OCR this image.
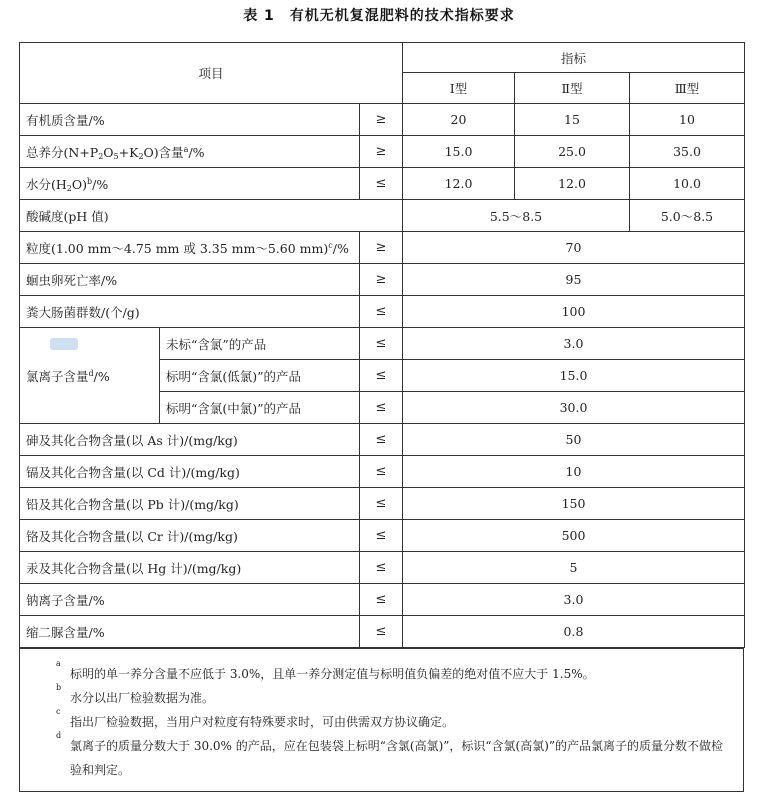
表 1　有机无机复混肥料的技术指标要求
项目			指标		
			Ⅰ型	Ⅱ型	Ⅲ型
有机质含量/%		≥	20	15	10
总养分$(N+P_2O_5+K_2O)$含量$^a$/%		≥	15.0	25.0	35.0
水分$(H_2O)^b/\%$		≤	12.0	12.0	10.0
酸碱度(pH 值)			5.5～8.5		5.0～8.5
粒度(1.00 mm～4.75 mm 或 3.35 mm～5.60 mm)$^c$/%		≥	70		
蛔虫卵死亡率/%		≥	95		
粪大肠菌群数/(个/g)		≤	100		
氯离子含量$^d$/%	未标“含氯”的产品	≤	3.0		
	标明“含氯(低氯)”的产品	≤	15.0		
	标明“含氯(中氯)”的产品	≤	30.0		
砷及其化合物含量(以 As 计)/(mg/kg)		≤	50		
镉及其化合物含量(以 Cd 计)/(mg/kg)		≤	10		
铅及其化合物含量(以 Pb 计)/(mg/kg)		≤	150		
铬及其化合物含量(以 Cr 计)/(mg/kg)		≤	500		
汞及其化合物含量(以 Hg 计)/(mg/kg)		≤	5		
钠离子含量/%		≤	3.0		
缩二脲含量/%		≤	0.8		
a
标明的单一养分含量不应低于 3.0%，且单一养分测定值与标明值负偏差的绝对值不应大于 1.5%。
b
水分以出厂检验数据为准。
c
指出厂检验数据，当用户对粒度有特殊要求时，可由供需双方协议确定。
d
氯离子的质量分数大于 30.0% 的产品，应在包装袋上标明“含氯(高氯)”，标识“含氯(高氯)”的产品氯离子的质量分数不做检验和判定。
